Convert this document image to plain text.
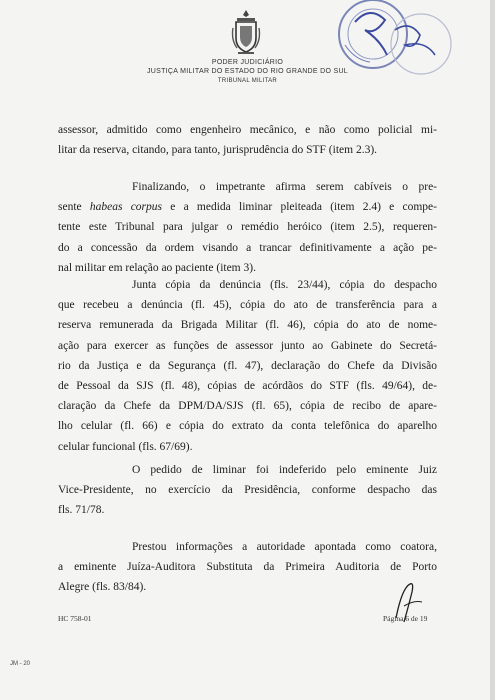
PODER JUDICIÁRIO
JUSTIÇA MILITAR DO ESTADO DO RIO GRANDE DO SUL
TRIBUNAL MILITAR
assessor, admitido como engenheiro mecânico, e não como policial mi-
litar da reserva, citando, para tanto, jurisprudência do STF (item 2.3).
Finalizando, o impetrante afirma serem cabíveis o pre-
sente habeas corpus e a medida liminar pleiteada (item 2.4) e compe-
tente este Tribunal para julgar o remédio heróico (item 2.5), requeren-
do a concessão da ordem visando a trancar definitivamente a ação pe-
nal militar em relação ao paciente (item 3).
Junta cópia da denúncia (fls. 23/44), cópia do despacho
que recebeu a denúncia (fl. 45), cópia do ato de transferência para a
reserva remunerada da Brigada Militar (fl. 46), cópia do ato de nome-
ação para exercer as funções de assessor junto ao Gabinete do Secretá-
rio da Justiça e da Segurança (fl. 47), declaração do Chefe da Divisão
de Pessoal da SJS (fl. 48), cópias de acórdãos do STF (fls. 49/64), de-
claração da Chefe da DPM/DA/SJS (fl. 65), cópia de recibo de apare-
lho celular (fl. 66) e cópia do extrato da conta telefônica do aparelho
celular funcional (fls. 67/69).
O pedido de liminar foi indeferido pelo eminente Juiz
Vice-Presidente, no exercício da Presidência, conforme despacho das
fls. 71/78.
Prestou informações a autoridade apontada como coatora,
a eminente Juíza-Auditora Substituta da Primeira Auditoria de Porto
Alegre (fls. 83/84).
HC 758-01	Página 6 de 19
JM - 20
